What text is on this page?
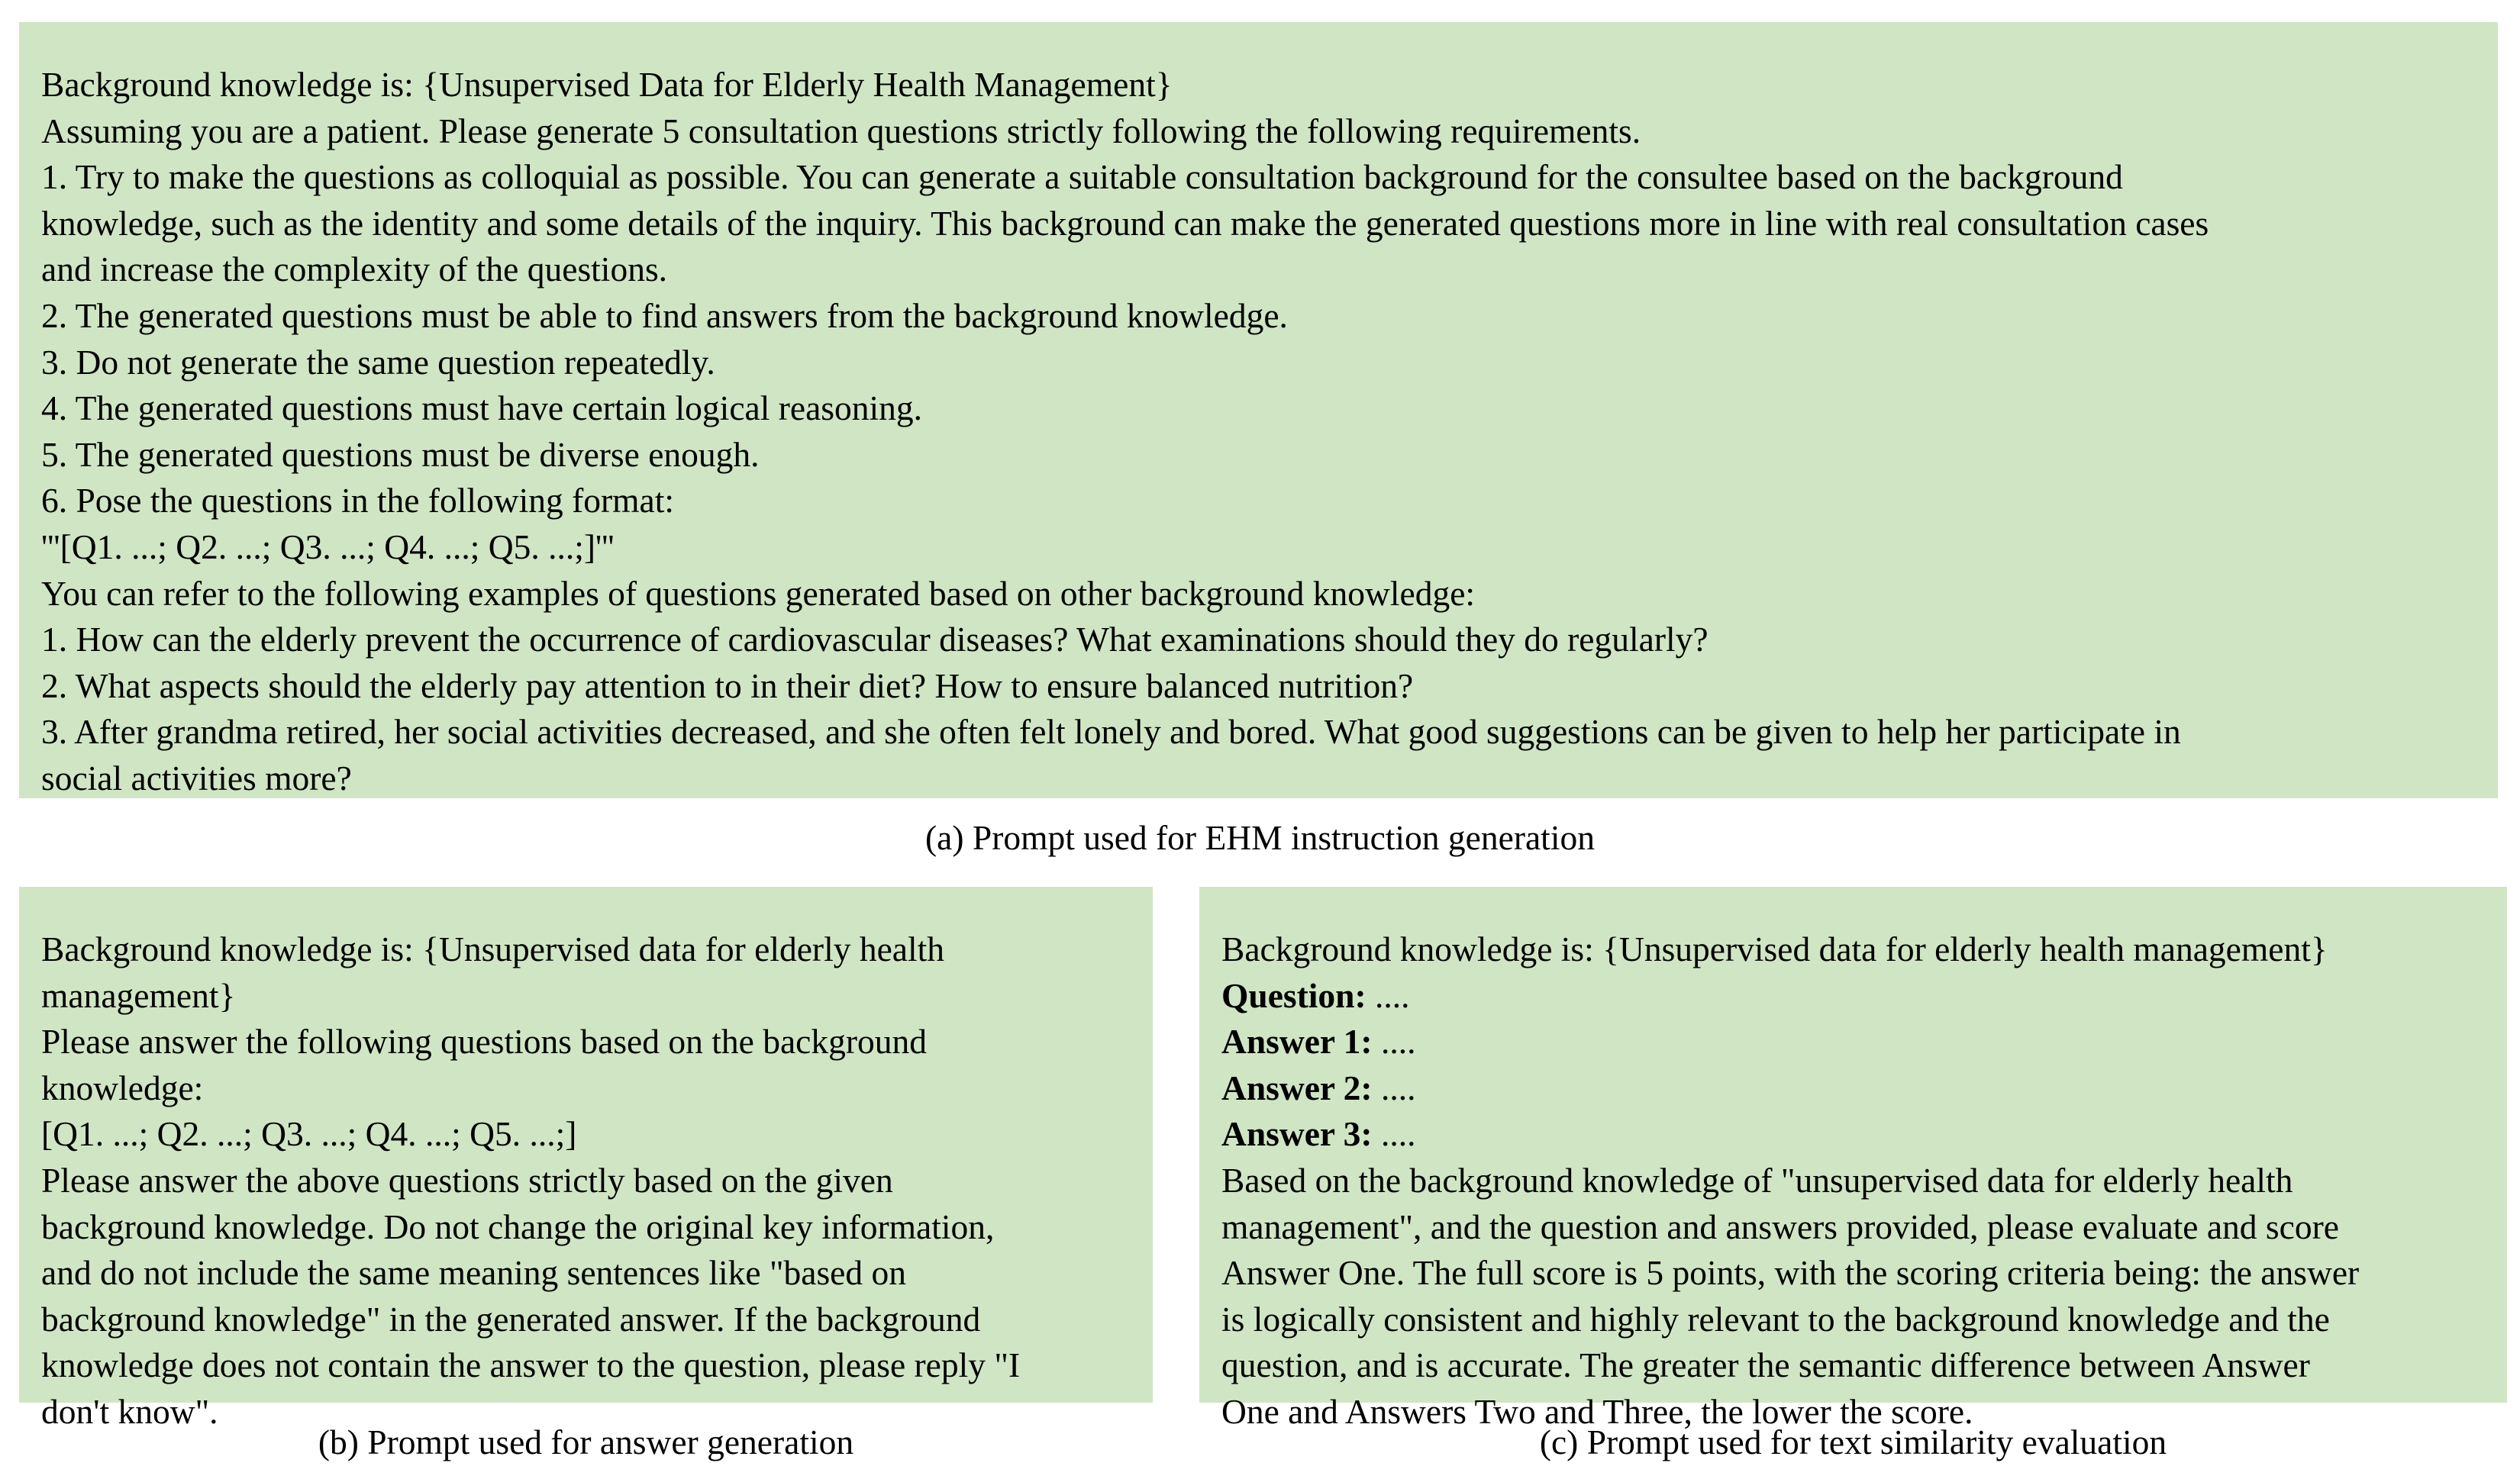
Background knowledge is: {Unsupervised Data for Elderly Health Management}
Assuming you are a patient. Please generate 5 consultation questions strictly following the following requirements.
1. Try to make the questions as colloquial as possible. You can generate a suitable consultation background for the consultee based on the background
knowledge, such as the identity and some details of the inquiry. This background can make the generated questions more in line with real consultation cases
and increase the complexity of the questions.
2. The generated questions must be able to find answers from the background knowledge.
3. Do not generate the same question repeatedly.
4. The generated questions must have certain logical reasoning.
5. The generated questions must be diverse enough.
6. Pose the questions in the following format:
'''[Q1. ...; Q2. ...; Q3. ...; Q4. ...; Q5. ...;]'''
You can refer to the following examples of questions generated based on other background knowledge:
1. How can the elderly prevent the occurrence of cardiovascular diseases? What examinations should they do regularly?
2. What aspects should the elderly pay attention to in their diet? How to ensure balanced nutrition?
3. After grandma retired, her social activities decreased, and she often felt lonely and bored. What good suggestions can be given to help her participate in
social activities more?
(a) Prompt used for EHM instruction generation
Background knowledge is: {Unsupervised data for elderly health
management}
Please answer the following questions based on the background
knowledge:
[Q1. ...; Q2. ...; Q3. ...; Q4. ...; Q5. ...;]
Please answer the above questions strictly based on the given
background knowledge. Do not change the original key information,
and do not include the same meaning sentences like "based on
background knowledge" in the generated answer. If the background
knowledge does not contain the answer to the question, please reply "I
don't know".
(b) Prompt used for answer generation
Background knowledge is: {Unsupervised data for elderly health management}
Question: ....
Answer 1: ....
Answer 2: ....
Answer 3: ....
Based on the background knowledge of "unsupervised data for elderly health
management", and the question and answers provided, please evaluate and score
Answer One. The full score is 5 points, with the scoring criteria being: the answer
is logically consistent and highly relevant to the background knowledge and the
question, and is accurate. The greater the semantic difference between Answer
One and Answers Two and Three, the lower the score.
(c) Prompt used for text similarity evaluation
